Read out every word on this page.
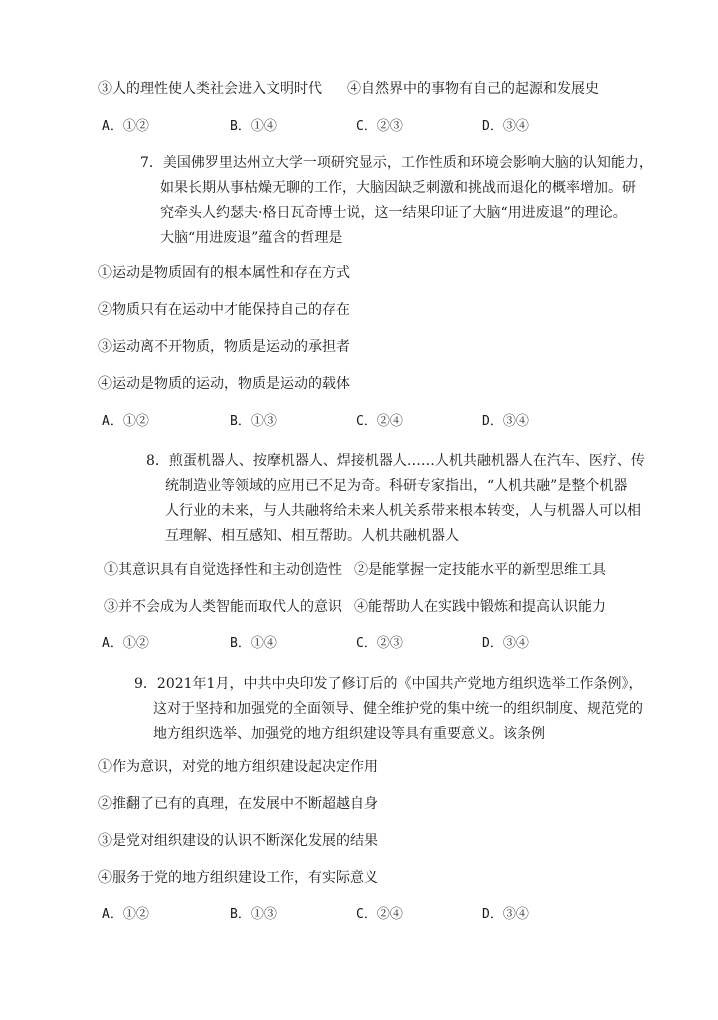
③人的理性使人类社会进入文明时代 ④自然界中的事物有自己的起源和发展史
A．①②	B．①④	C．②③	D．③④
7．美国佛罗里达州立大学一项研究显示，工作性质和环境会影响大脑的认知能力，
如果长期从事枯燥无聊的工作，大脑因缺乏刺激和挑战而退化的概率增加。研
究牵头人约瑟夫·格日瓦奇博士说，这一结果印证了大脑“用进废退”的理论。
大脑“用进废退”蕴含的哲理是
①运动是物质固有的根本属性和存在方式
②物质只有在运动中才能保持自己的存在
③运动离不开物质，物质是运动的承担者
④运动是物质的运动，物质是运动的载体
A．①②	B．①③	C．②④	D．③④
8．煎蛋机器人、按摩机器人、焊接机器人……人机共融机器人在汽车、医疗、传
统制造业等领域的应用已不足为奇。科研专家指出，“人机共融”是整个机器
人行业的未来，与人共融将给未来人机关系带来根本转变，人与机器人可以相
互理解、相互感知、相互帮助。人机共融机器人
①其意识具有自觉选择性和主动创造性 ②是能掌握一定技能水平的新型思维工具
③并不会成为人类智能而取代人的意识 ④能帮助人在实践中锻炼和提高认识能力
A．①②	B．①④	C．②③	D．③④
9．2021年1月，中共中央印发了修订后的《中国共产党地方组织选举工作条例》，
这对于坚持和加强党的全面领导、健全维护党的集中统一的组织制度、规范党的
地方组织选举、加强党的地方组织建设等具有重要意义。该条例
①作为意识，对党的地方组织建设起决定作用
②推翻了已有的真理，在发展中不断超越自身
③是党对组织建设的认识不断深化发展的结果
④服务于党的地方组织建设工作，有实际意义
A．①②	B．①③	C．②④	D．③④
